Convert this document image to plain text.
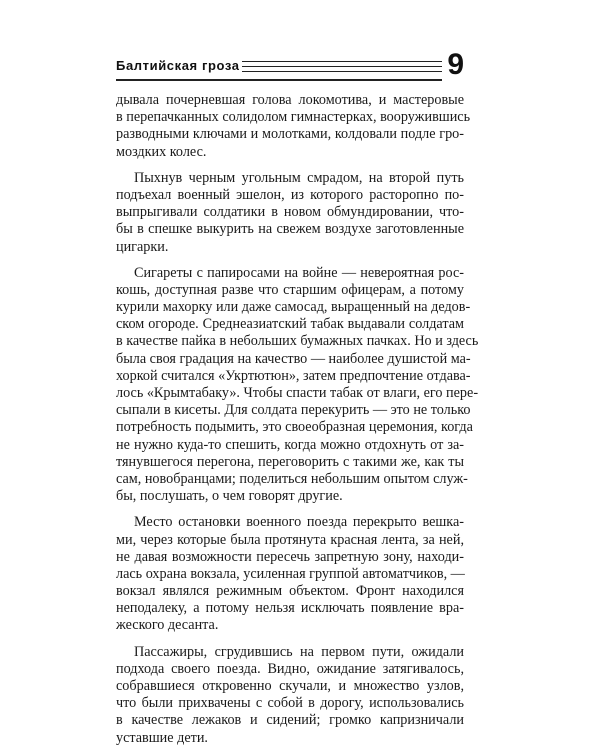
Балтийская гроза	9
дывала почерневшая голова локомотива, и мастеровые
в перепачканных солидолом гимнастерках, вооружившись
разводными ключами и молотками, колдовали подле гро-
моздких колес.
Пыхнув черным угольным смрадом, на второй путь
подъехал военный эшелон, из которого расторопно по-
выпрыгивали солдатики в новом обмундировании, что-
бы в спешке выкурить на свежем воздухе заготовленные
цигарки.
Сигареты с папиросами на войне — невероятная рос-
кошь, доступная разве что старшим офицерам, а потому
курили махорку или даже самосад, выращенный на дедов-
ском огороде. Среднеазиатский табак выдавали солдатам
в качестве пайка в небольших бумажных пачках. Но и здесь
была своя градация на качество — наиболее душистой ма-
хоркой считался «Укртютюн», затем предпочтение отдава-
лось «Крымтабаку». Чтобы спасти табак от влаги, его пере-
сыпали в кисеты. Для солдата перекурить — это не только
потребность подымить, это своеобразная церемония, когда
не нужно куда-то спешить, когда можно отдохнуть от за-
тянувшегося перегона, переговорить с такими же, как ты
сам, новобранцами; поделиться небольшим опытом служ-
бы, послушать, о чем говорят другие.
Место остановки военного поезда перекрыто вешка-
ми, через которые была протянута красная лента, за ней,
не давая возможности пересечь запретную зону, находи-
лась охрана вокзала, усиленная группой автоматчиков, —
вокзал являлся режимным объектом. Фронт находился
неподалеку, а потому нельзя исключать появление вра-
жеского десанта.
Пассажиры, сгрудившись на первом пути, ожидали
подхода своего поезда. Видно, ожидание затягивалось,
собравшиеся откровенно скучали, и множество узлов,
что были прихвачены с собой в дорогу, использовались
в качестве лежаков и сидений; громко капризничали
уставшие дети.
